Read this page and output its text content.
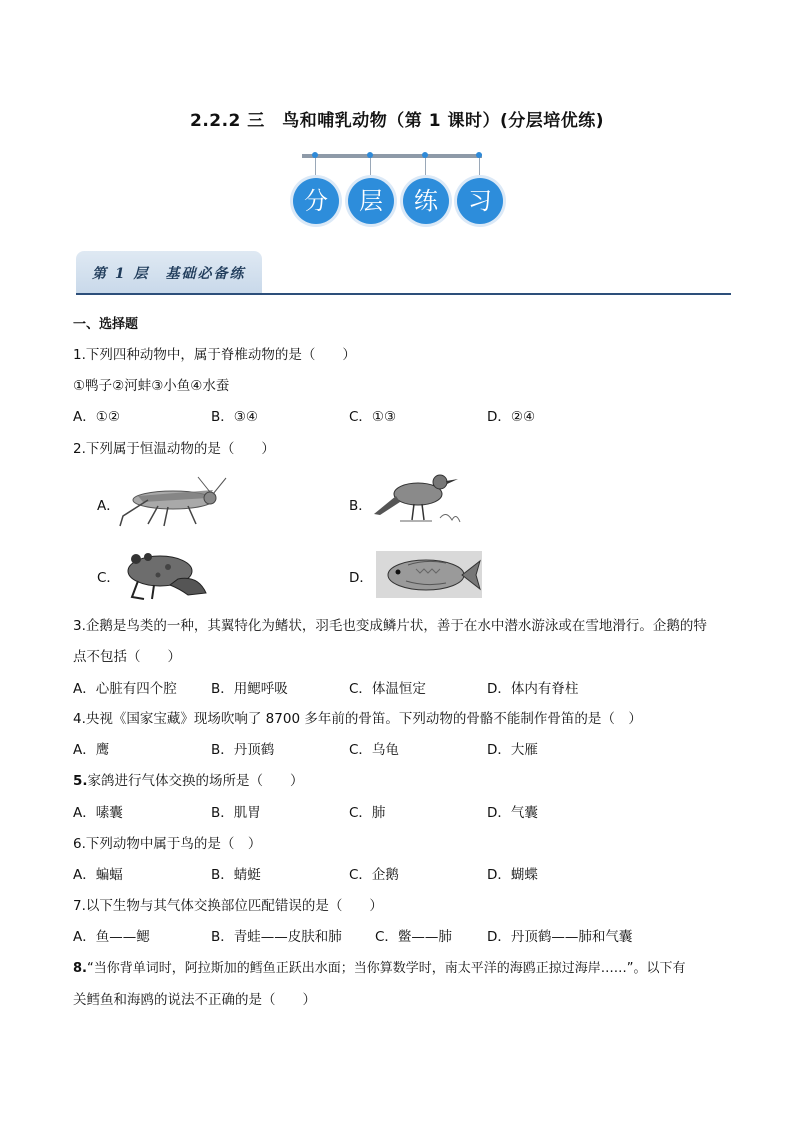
2.2.2 三　鸟和哺乳动物（第 1 课时）(分层培优练)
分	层	练	习
第 1 层　基础必备练
一、选择题
1.下列四种动物中，属于脊椎动物的是（　　）
①鸭子②河蚌③小鱼④水蚕
A．①②	B．③④	C．①③	D．②④
2.下列属于恒温动物的是（　　）
A．	B．
C．	D．
3.企鹅是鸟类的一种，其翼特化为鳍状，羽毛也变成鳞片状，善于在水中潜水游泳或在雪地滑行。企鹅的特
点不包括（　　）
A．心脏有四个腔	B．用鳃呼吸	C．体温恒定	D．体内有脊柱
4.央视《国家宝藏》现场吹响了 8700 多年前的骨笛。下列动物的骨骼不能制作骨笛的是（　）
A．鹰	B．丹顶鹤	C．乌龟	D．大雁
5.家鸽进行气体交换的场所是（　　）
A．嗉囊	B．肌胃	C．肺	D．气囊
6.下列动物中属于鸟的是（　）
A．蝙蝠	B．蜻蜓	C．企鹅	D．蝴蝶
7.以下生物与其气体交换部位匹配错误的是（　　）
A．鱼——鳃	B．青蛙——皮肤和肺 C．鳖——肺	D．丹顶鹤——肺和气囊
8.“当你背单词时，阿拉斯加的鳕鱼正跃出水面；当你算数学时，南太平洋的海鸥正掠过海岸……”。以下有
关鳕鱼和海鸥的说法不正确的是（　　）
